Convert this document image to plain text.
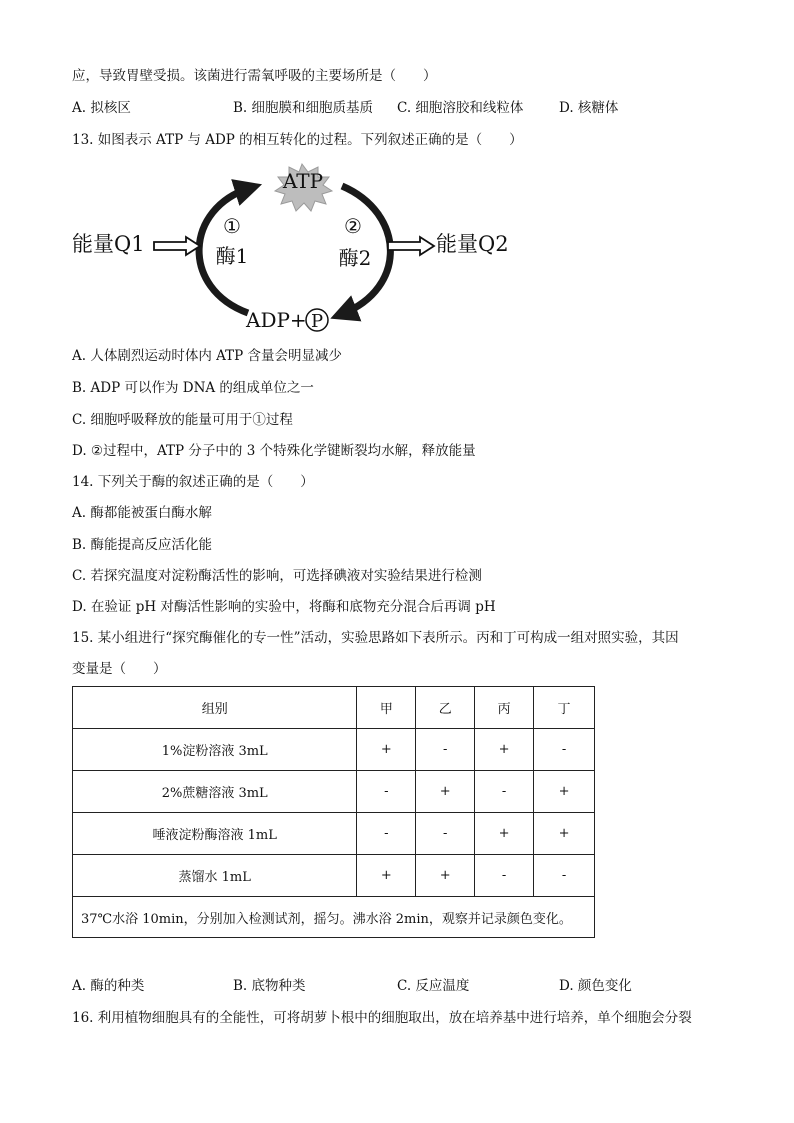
应，导致胃壁受损。该菌进行需氧呼吸的主要场所是（　　）
A. 拟核区	B. 细胞膜和细胞质基质 C. 细胞溶胶和线粒体	D. 核糖体
13. 如图表示 ATP 与 ADP 的相互转化的过程。下列叙述正确的是（　　）
ATP
①
酶1
②
酶2
能量Q1	能量Q2
ADP+ P
A. 人体剧烈运动时体内 ATP 含量会明显减少
B. ADP 可以作为 DNA 的组成单位之一
C. 细胞呼吸释放的能量可用于①过程
D. ②过程中，ATP 分子中的 3 个特殊化学键断裂均水解，释放能量
14. 下列关于酶的叙述正确的是（　　）
A. 酶都能被蛋白酶水解
B. 酶能提高反应活化能
C. 若探究温度对淀粉酶活性的影响，可选择碘液对实验结果进行检测
D. 在验证 pH 对酶活性影响的实验中，将酶和底物充分混合后再调 pH
15. 某小组进行“探究酶催化的专一性”活动，实验思路如下表所示。丙和丁可构成一组对照实验，其因
变量是（　　）
组别	甲	乙	丙	丁
1%淀粉溶液 3mL	+	-	+	-
2%蔗糖溶液 3mL	-	+	-	+
唾液淀粉酶溶液 1mL	-	-	+	+
蒸馏水 1mL	+	+	-	-
37℃水浴 10min，分别加入检测试剂，摇匀。沸水浴 2min，观察并记录颜色变化。				
A. 酶的种类	B. 底物种类	C. 反应温度	D. 颜色变化
16. 利用植物细胞具有的全能性，可将胡萝卜根中的细胞取出，放在培养基中进行培养，单个细胞会分裂
